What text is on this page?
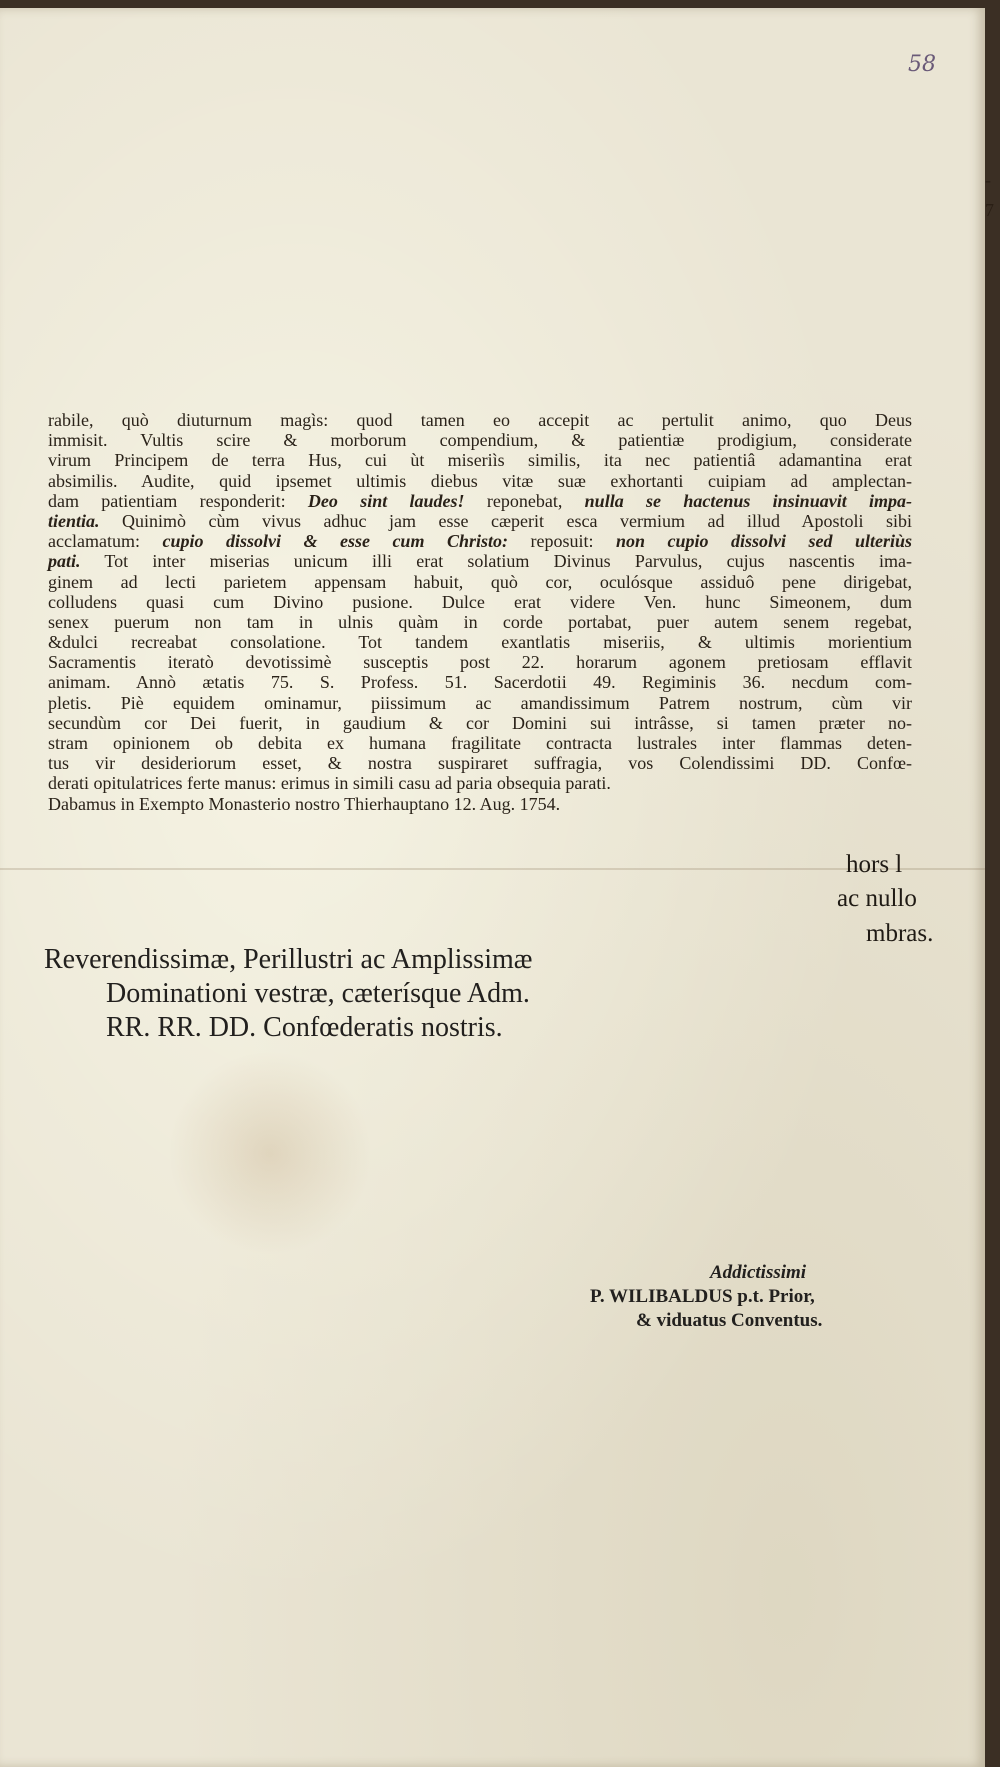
58
rabile, quò diuturnum magìs: quod tamen eo accepit ac pertulit animo, quo Deus
immisit. Vultis scire & morborum compendium, & patientiæ prodigium, considerate
virum Principem de terra Hus, cui ùt miseriìs similis, ita nec patientiâ adamantina erat
absimilis. Audite, quid ipsemet ultimis diebus vitæ suæ exhortanti cuipiam ad amplectan-
dam patientiam responderit: Deo sint laudes! reponebat, nulla se hactenus insinuavit impa-
tientia. Quinimò cùm vivus adhuc jam esse cæperit esca vermium ad illud Apostoli sibi
acclamatum: cupio dissolvi & esse cum Christo: reposuit: non cupio dissolvi sed ulteriùs
pati. Tot inter miserias unicum illi erat solatium Divinus Parvulus, cujus nascentis ima-
ginem ad lecti parietem appensam habuit, quò cor, oculósque assiduô pene dirigebat,
colludens quasi cum Divino pusione. Dulce erat videre Ven. hunc Simeonem, dum
senex puerum non tam in ulnis quàm in corde portabat, puer autem senem regebat,
&dulci recreabat consolatione. Tot tandem exantlatis miseriis, & ultimis morientium
Sacramentis iteratò devotissimè susceptis post 22. horarum agonem pretiosam efflavit
animam. Annò ætatis 75. S. Profess. 51. Sacerdotii 49. Regiminis 36. necdum com-
pletis. Piè equidem ominamur, piissimum ac amandissimum Patrem nostrum, cùm vir
secundùm cor Dei fuerit, in gaudium & cor Domini sui intrâsse, si tamen præter no-
stram opinionem ob debita ex humana fragilitate contracta lustrales inter flammas deten-
tus vir desideriorum esset, & nostra suspiraret suffragia, vos Colendissimi DD. Confœ-
derati opitulatrices ferte manus: erimus in simili casu ad paria obsequia parati.
Dabamus in Exempto Monasterio nostro Thierhauptano 12. Aug. 1754.
hors l
ac nullo
mbras.
Reverendissimæ, Perillustri ac Amplissimæ
Dominationi vestræ, cæterísque Adm.
RR. RR. DD. Confœderatis nostris.
Addictissimi
P. WILIBALDUS p.t. Prior,
& viduatus Conventus.
-
7
